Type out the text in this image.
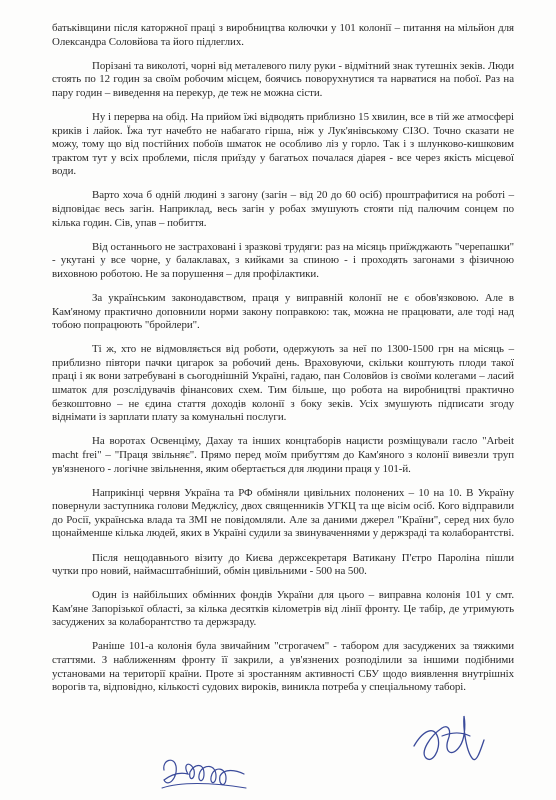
батьківщини після каторжної праці з виробництва колючки у 101 колонії – питання на мільйон для Олександра Соловйова та його підлеглих.

Порізані та виколоті, чорні від металевого пилу руки - відмітний знак тутешніх зеків. Люди стоять по 12 годин за своїм робочим місцем, боячись поворухнутися та нарватися на побої. Раз на пару годин – виведення на перекур, де теж не можна сісти.

Ну і перерва на обід. На прийом їжі відводять приблизно 15 хвилин, все в тій же атмосфері криків і лайок. Їжа тут начебто не набагато гірша, ніж у Лук'янівському СІЗО. Точно сказати не можу, тому що від постійних побоїв шматок не особливо ліз у горло. Так і з шлунково-кишковим трактом тут у всіх проблеми, після приїзду у багатьох почалася діарея - все через якість місцевої води.

Варто хоча б одній людині з загону (загін – від 20 до 60 осіб) проштрафитися на роботі – відповідає весь загін. Наприклад, весь загін у робах змушують стояти під палючим сонцем по кілька годин. Сів, упав – побиття.

Від останнього не застраховані і зразкові трудяги: раз на місяць приїжджають "черепашки" - укутані у все чорне, у балаклавах, з кийками за спиною - і проходять загонами з фізичною виховною роботою. Не за порушення – для профілактики.

За українським законодавством, праця у виправній колонії не є обов'язковою. Але в Кам'яному практично доповнили норми закону поправкою: так, можна не працювати, але тоді над тобою попрацюють "бройлери".

Ті ж, хто не відмовляється від роботи, одержують за неї по 1300-1500 грн на місяць – приблизно півтори пачки цигарок за робочий день. Враховуючи, скільки коштують плоди такої праці і як вони затребувані в сьогоднішній Україні, гадаю, пан Соловйов із своїми колегами – ласий шматок для розслідувачів фінансових схем. Тим більше, що робота на виробництві практично безкоштовно – не єдина стаття доходів колонії з боку зеків. Усіх змушують підписати згоду віднімати із зарплати плату за комунальні послуги.

На воротах Освенціму, Дахау та інших концтаборів нацисти розміщували гасло "Arbeit macht frei" – "Праця звільняє". Прямо перед моїм прибуттям до Кам'яного з колонії вивезли труп ув'язненого - логічне звільнення, яким обертається для людини праця у 101-й.

Наприкінці червня Україна та РФ обміняли цивільних полонених – 10 на 10. В Україну повернули заступника голови Меджлісу, двох священників УГКЦ та ще вісім осіб. Кого відправили до Росії, українська влада та ЗМІ не повідомляли. Але за даними джерел "Країни", серед них було щонайменше кілька людей, яких в Україні судили за звинуваченнями у держзраді та колаборантстві.

Після нещодавнього візиту до Києва держсекретаря Ватикану П'єтро Пароліна пішли чутки про новий, наймасштабніший, обмін цивільними - 500 на 500.

Один із найбільших обмінних фондів України для цього – виправна колонія 101 у смт. Кам'яне Запорізької області, за кілька десятків кілометрів від лінії фронту. Це табір, де утримують засуджених за колаборантство та держзраду.

Раніше 101-а колонія була звичайним "строгачем" - табором для засуджених за тяжкими статтями. З наближенням фронту її закрили, а ув'язнених розподілили за іншими подібними установами на території країни. Проте зі зростанням активності СБУ щодо виявлення внутрішніх ворогів та, відповідно, кількості судових вироків, виникла потреба у спеціальному таборі.
